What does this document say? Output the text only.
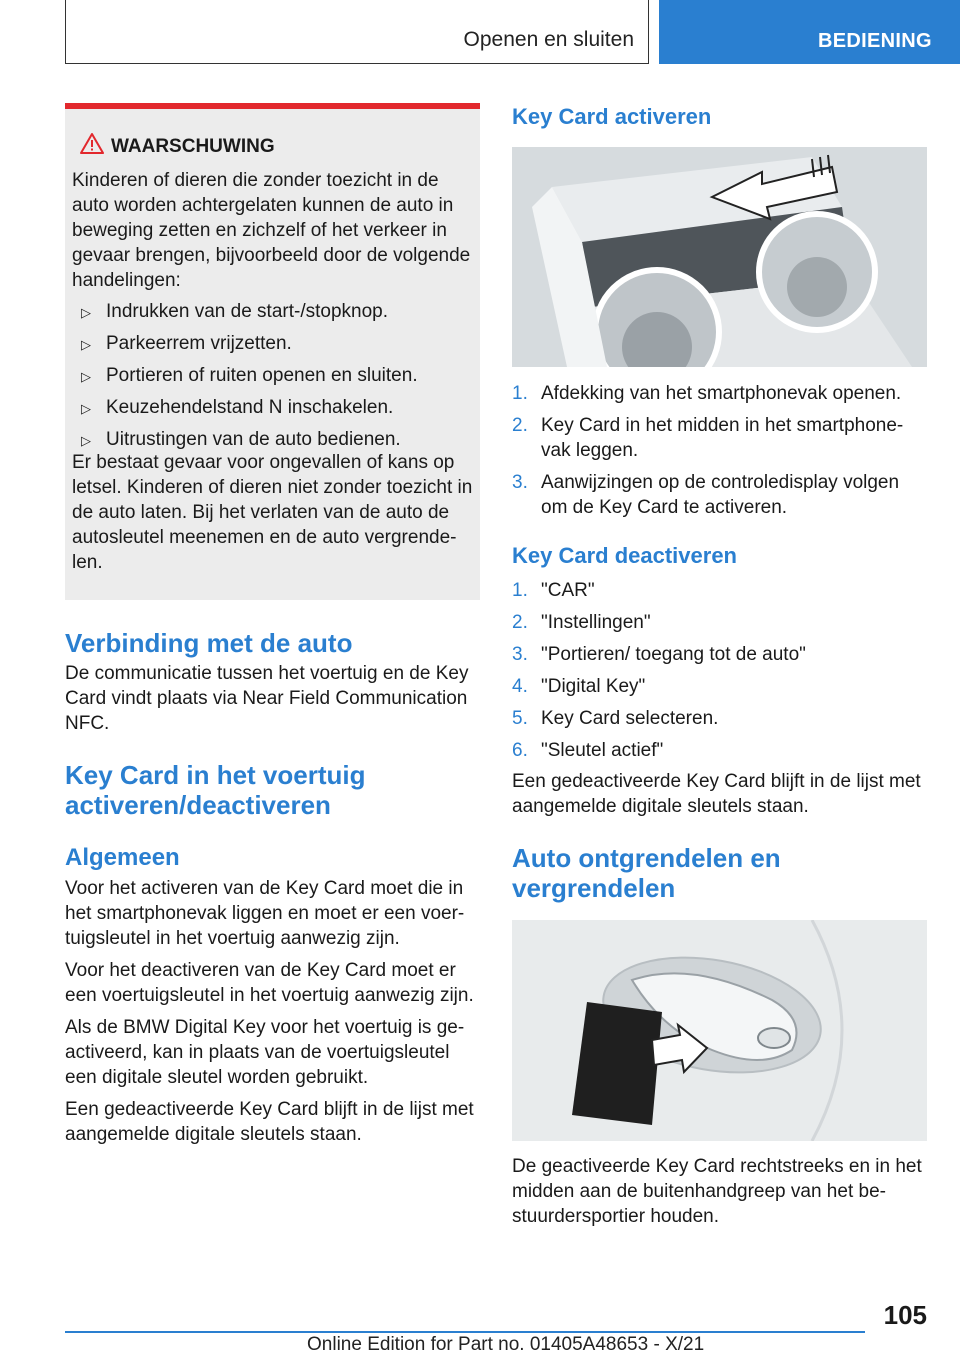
Openen en sluiten	BEDIENING
WAARSCHUWING

Kinderen of dieren die zonder toezicht in de auto worden achtergelaten kunnen de auto in beweging zetten en zichzelf of het verkeer in gevaar brengen, bijvoorbeeld door de volgende handelingen:

▷ Indrukken van de start-/stopknop.
▷ Parkeerrem vrijzetten.
▷ Portieren of ruiten openen en sluiten.
▷ Keuzehendelstand N inschakelen.
▷ Uitrustingen van de auto bedienen.

Er bestaat gevaar voor ongevallen of kans op letsel. Kinderen of dieren niet zonder toezicht in de auto laten. Bij het verlaten van de auto de autosleutel meenemen en de auto vergrende-len.

Verbinding met de auto

De communicatie tussen het voertuig en de Key Card vindt plaats via Near Field Communication NFC.

Key Card in het voertuig activeren/deactiveren
Algemeen

Voor het activeren van de Key Card moet die in het smartphonevak liggen en moet er een voer-tuigsleutel in het voertuig aanwezig zijn.

Voor het deactiveren van de Key Card moet er een voertuigsleutel in het voertuig aanwezig zijn.

Als de BMW Digital Key voor het voertuig is ge-activeerd, kan in plaats van de voertuigsleutel een digitale sleutel worden gebruikt.

Een gedeactiveerde Key Card blijft in de lijst met aangemelde digitale sleutels staan.

Key Card activeren
1. Afdekking van het smartphonevak openen.
2. Key Card in het midden in het smartphone-vak leggen.
3. Aanwijzingen op de controledisplay volgen om de Key Card te activeren.
Key Card deactiveren
1. "CAR"
2. "Instellingen"
3. "Portieren/ toegang tot de auto"
4. "Digital Key"
5. Key Card selecteren.
6. "Sleutel actief"

Een gedeactiveerde Key Card blijft in de lijst met aangemelde digitale sleutels staan.

Auto ontgrendelen en vergrendelen

De geactiveerde Key Card rechtstreeks en in het midden aan de buitenhandgreep van het be-stuurdersportier houden.

105
Online Edition for Part no. 01405A48653 - X/21
